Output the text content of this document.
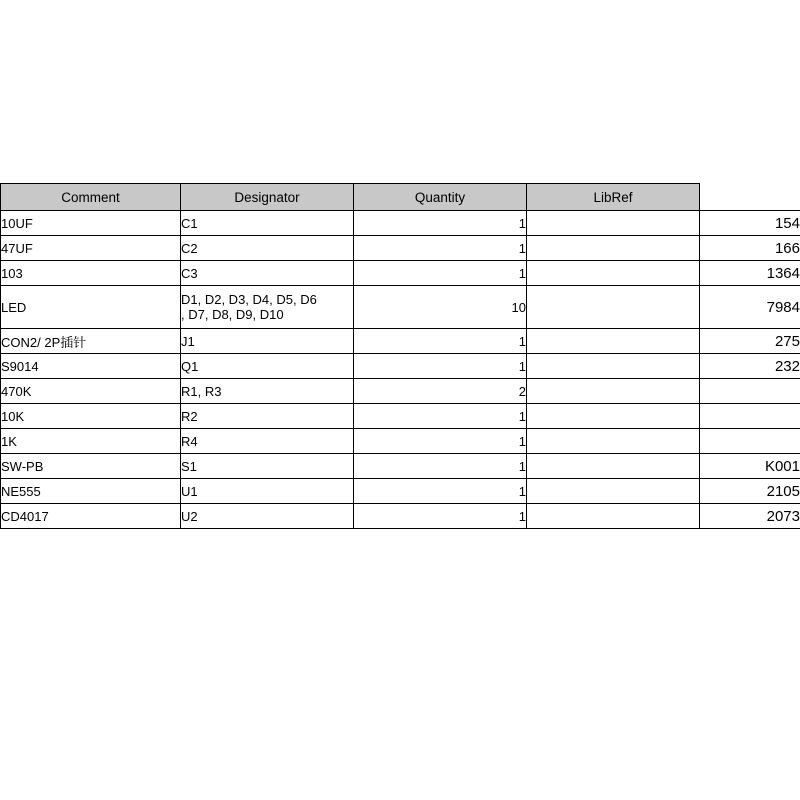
Comment	Designator	Quantity	LibRef	
10UF	C1	1		154
47UF	C2	1		166
103	C3	1		1364
LED	D1, D2, D3, D4, D5, D6
, D7, D8, D9, D10	10		7984
CON2/ 2P插针	J1	1		275
S9014	Q1	1		232
470K	R1, R3	2		
10K	R2	1		
1K	R4	1		
SW-PB	S1	1		K001
NE555	U1	1		2105
CD4017	U2	1		2073
